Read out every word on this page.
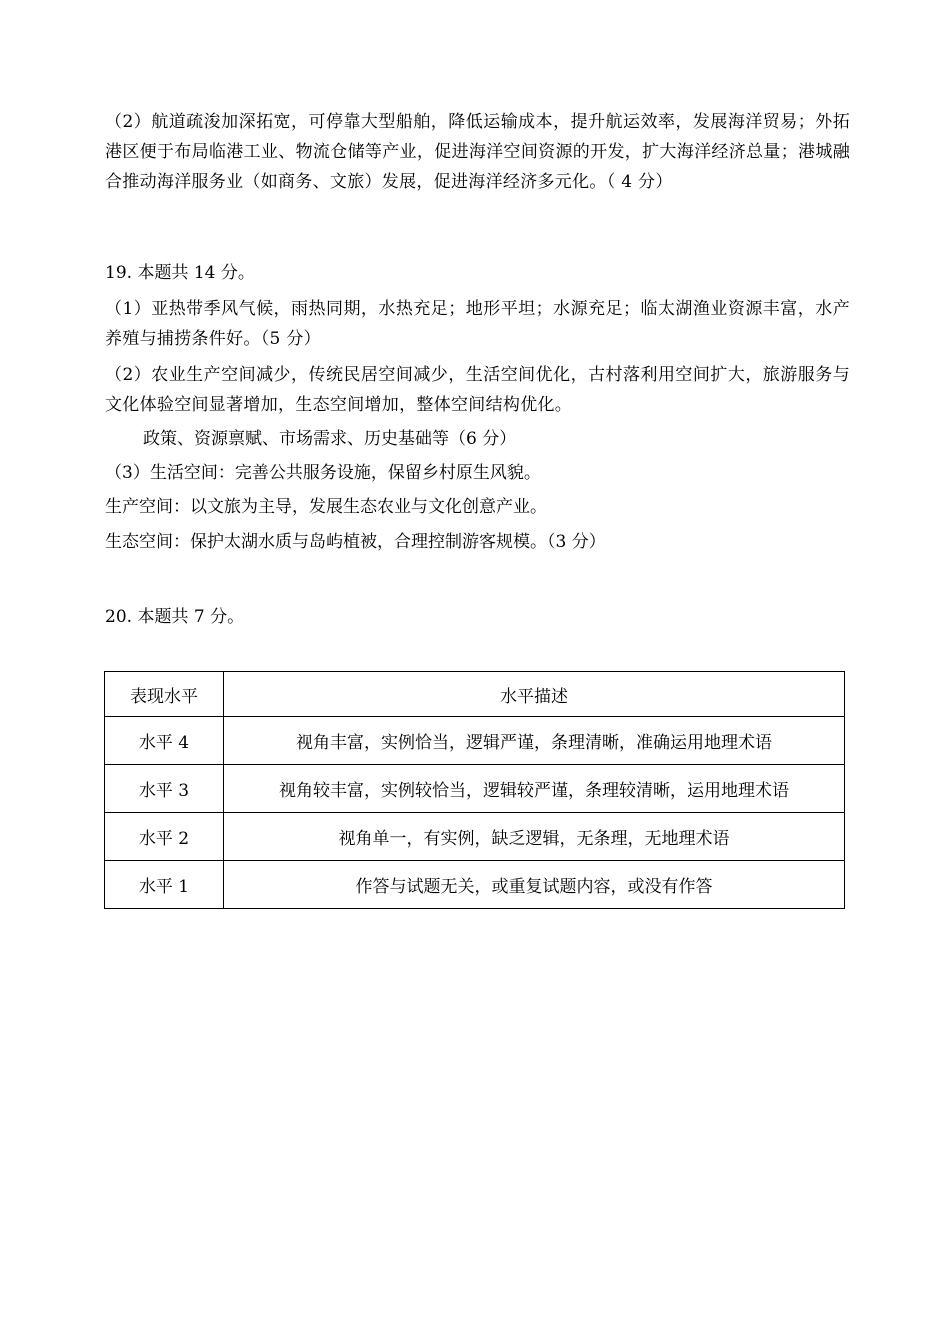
（2）航道疏浚加深拓宽，可停靠大型船舶，降低运输成本，提升航运效率，发展海洋贸易；外拓港区便于布局临港工业、物流仓储等产业，促进海洋空间资源的开发，扩大海洋经济总量；港城融合推动海洋服务业（如商务、文旅）发展，促进海洋经济多元化。（ 4 分）
19. 本题共 14 分。
（1）亚热带季风气候，雨热同期，水热充足；地形平坦；水源充足；临太湖渔业资源丰富，水产养殖与捕捞条件好。（5 分）
（2）农业生产空间减少，传统民居空间减少，生活空间优化，古村落利用空间扩大，旅游服务与文化体验空间显著增加，生态空间增加，整体空间结构优化。
政策、资源禀赋、市场需求、历史基础等（6 分）
（3）生活空间：完善公共服务设施，保留乡村原生风貌。
生产空间：以文旅为主导，发展生态农业与文化创意产业。
生态空间：保护太湖水质与岛屿植被，合理控制游客规模。（3 分）
20. 本题共 7 分。
表现水平	水平描述
水平 4	视角丰富，实例恰当，逻辑严谨，条理清晰，准确运用地理术语
水平 3	视角较丰富，实例较恰当，逻辑较严谨，条理较清晰，运用地理术语
水平 2	视角单一，有实例，缺乏逻辑，无条理，无地理术语
水平 1	作答与试题无关，或重复试题内容，或没有作答
